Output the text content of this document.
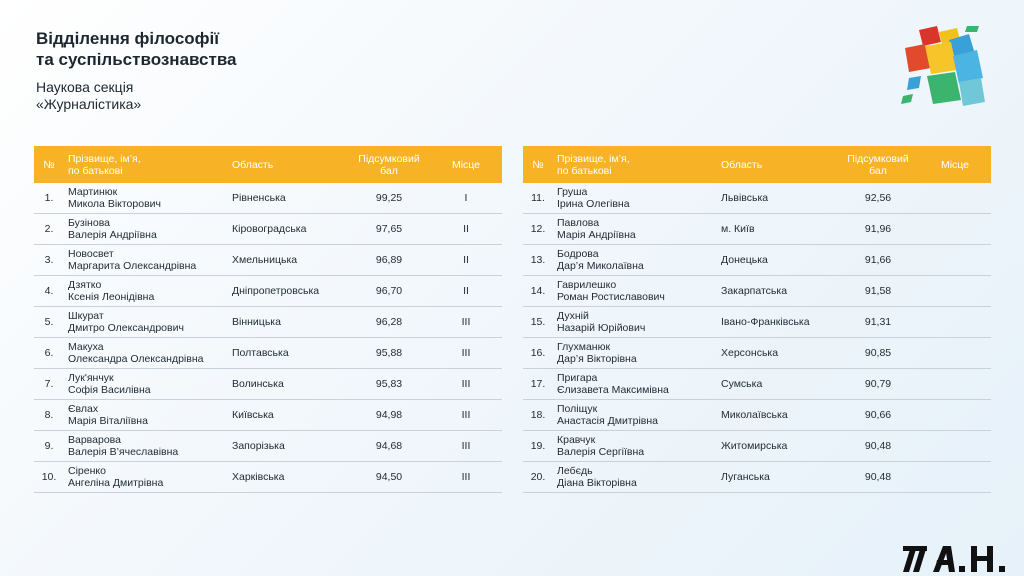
Відділення філософії
та суспільствознавства
Наукова секція
«Журналістика»
№	Прізвище, ім’я,
по батькові	Область	Підсумковий
бал	Місце
1.	Мартинюк
Микола Вікторович	Рівненська	99,25	I
2.	Бузінова
Валерія Андріївна	Кіровоградська	97,65	II
3.	Новосвет
Маргарита Олександрівна	Хмельницька	96,89	II
4.	Дзятко
Ксенія Леонідівна	Дніпропетровська	96,70	II
5.	Шкурат
Дмитро Олександрович	Вінницька	96,28	III
6.	Макуха
Олександра Олександрівна	Полтавська	95,88	III
7.	Лук'янчук
Софія Василівна	Волинська	95,83	III
8.	Євлах
Марія Віталіївна	Київська	94,98	III
9.	Варварова
Валерія В’ячеславівна	Запорізька	94,68	III
10.	Сіренко
Ангеліна Дмитрівна	Харківська	94,50	III
№	Прізвище, ім’я,
по батькові	Область	Підсумковий
бал	Місце
11.	Груша
Ірина Олегівна	Львівська	92,56	
12.	Павлова
Марія Андріївна	м. Київ	91,96	
13.	Бодрова
Дар’я Миколаївна	Донецька	91,66	
14.	Гаврилешко
Роман Ростиславович	Закарпатська	91,58	
15.	Духній
Назарій Юрійович	Івано-Франківська	91,31	
16.	Глухманюк
Дар’я Вікторівна	Херсонська	90,85	
17.	Пригара
Єлизавета Максимівна	Сумська	90,79	
18.	Поліщук
Анастасія Дмитрівна	Миколаївська	90,66	
19.	Кравчук
Валерія Сергіївна	Житомирська	90,48	
20.	Лебєдь
Діана Вікторівна	Луганська	90,48	
